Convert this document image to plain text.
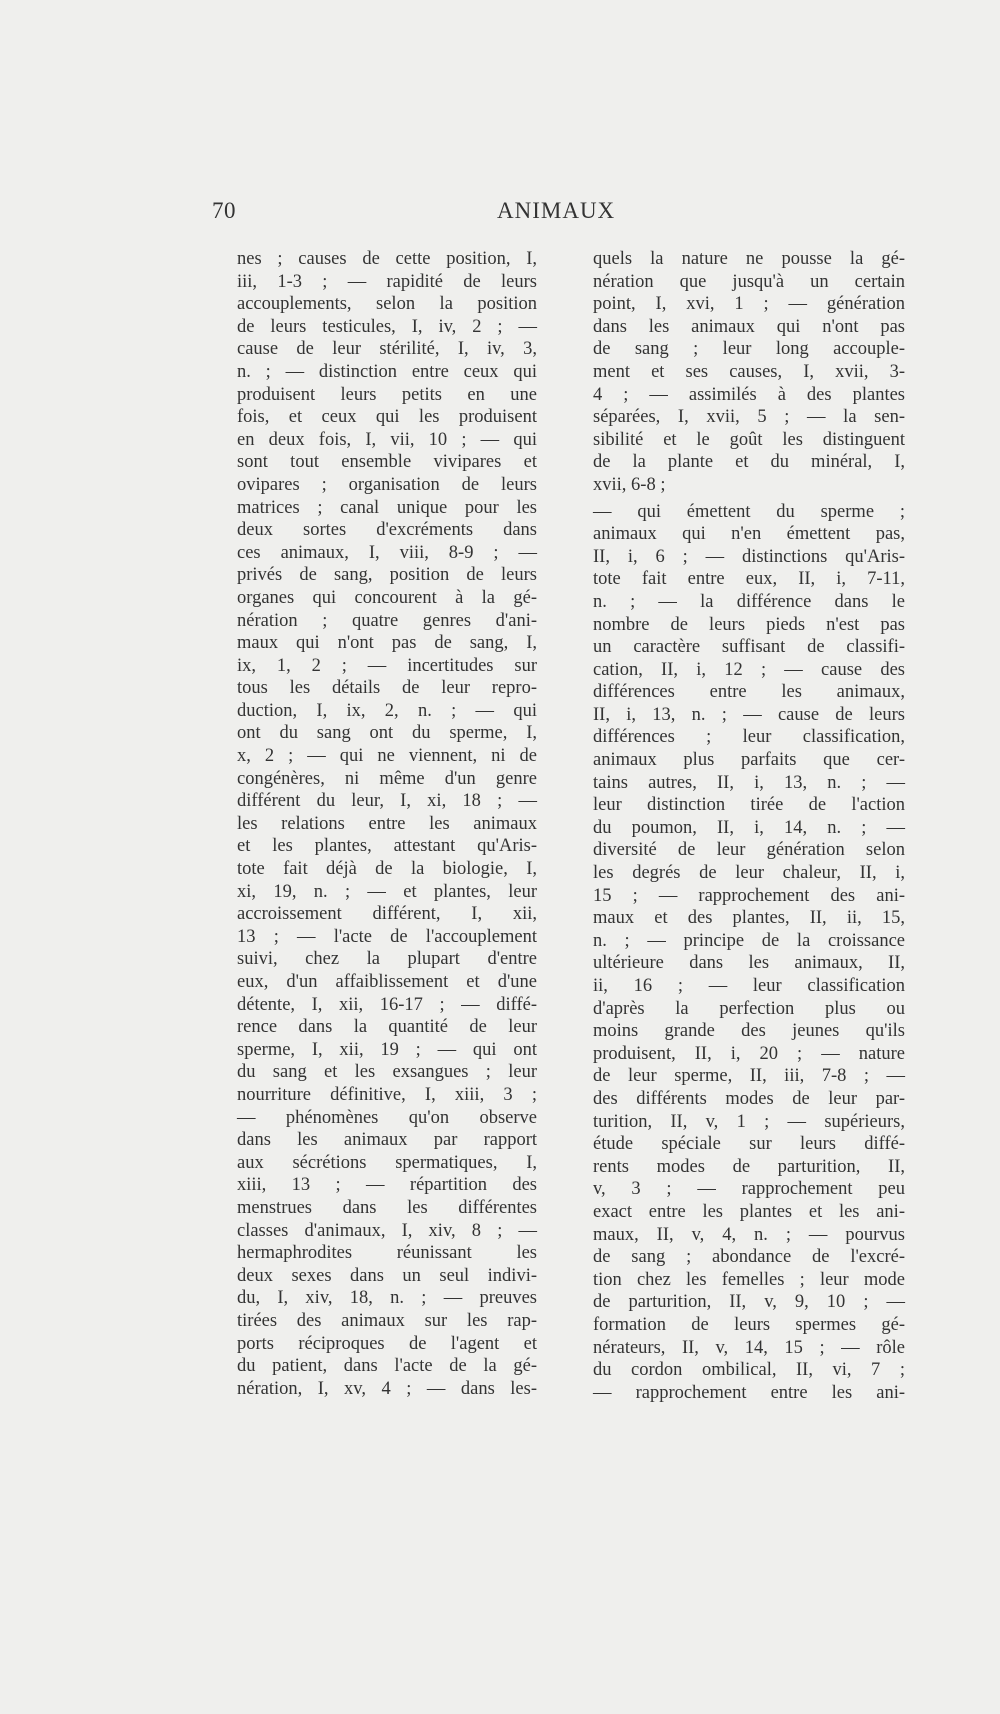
70	ANIMAUX
nes ; causes de cette position, I,
iii, 1-3 ; — rapidité de leurs
accouplements, selon la position
de leurs testicules, I, iv, 2 ; —
cause de leur stérilité, I, iv, 3,
n. ; — distinction entre ceux qui
produisent leurs petits en une
fois, et ceux qui les produisent
en deux fois, I, vii, 10 ; — qui
sont tout ensemble vivipares et
ovipares ; organisation de leurs
matrices ; canal unique pour les
deux sortes d'excréments dans
ces animaux, I, viii, 8-9 ; —
privés de sang, position de leurs
organes qui concourent à la gé-
nération ; quatre genres d'ani-
maux qui n'ont pas de sang, I,
ix, 1, 2 ; — incertitudes sur
tous les détails de leur repro-
duction, I, ix, 2, n. ; — qui
ont du sang ont du sperme, I,
x, 2 ; — qui ne viennent, ni de
congénères, ni même d'un genre
différent du leur, I, xi, 18 ; —
les relations entre les animaux
et les plantes, attestant qu'Aris-
tote fait déjà de la biologie, I,
xi, 19, n. ; — et plantes, leur
accroissement différent, I, xii,
13 ; — l'acte de l'accouplement
suivi, chez la plupart d'entre
eux, d'un affaiblissement et d'une
détente, I, xii, 16-17 ; — diffé-
rence dans la quantité de leur
sperme, I, xii, 19 ; — qui ont
du sang et les exsangues ; leur
nourriture définitive, I, xiii, 3 ;
— phénomènes qu'on observe
dans les animaux par rapport
aux sécrétions spermatiques, I,
xiii, 13 ; — répartition des
menstrues dans les différentes
classes d'animaux, I, xiv, 8 ; —
hermaphrodites réunissant les
deux sexes dans un seul indivi-
du, I, xiv, 18, n. ; — preuves
tirées des animaux sur les rap-
ports réciproques de l'agent et
du patient, dans l'acte de la gé-
nération, I, xv, 4 ; — dans les-
quels la nature ne pousse la gé-
nération que jusqu'à un certain
point, I, xvi, 1 ; — génération
dans les animaux qui n'ont pas
de sang ; leur long accouple-
ment et ses causes, I, xvii, 3-
4 ; — assimilés à des plantes
séparées, I, xvii, 5 ; — la sen-
sibilité et le goût les distinguent
de la plante et du minéral, I,
xvii, 6-8 ;
— qui émettent du sperme ;
animaux qui n'en émettent pas,
II, i, 6 ; — distinctions qu'Aris-
tote fait entre eux, II, i, 7-11,
n. ; — la différence dans le
nombre de leurs pieds n'est pas
un caractère suffisant de classifi-
cation, II, i, 12 ; — cause des
différences entre les animaux,
II, i, 13, n. ; — cause de leurs
différences ; leur classification,
animaux plus parfaits que cer-
tains autres, II, i, 13, n. ; —
leur distinction tirée de l'action
du poumon, II, i, 14, n. ; —
diversité de leur génération selon
les degrés de leur chaleur, II, i,
15 ; — rapprochement des ani-
maux et des plantes, II, ii, 15,
n. ; — principe de la croissance
ultérieure dans les animaux, II,
ii, 16 ; — leur classification
d'après la perfection plus ou
moins grande des jeunes qu'ils
produisent, II, i, 20 ; — nature
de leur sperme, II, iii, 7-8 ; —
des différents modes de leur par-
turition, II, v, 1 ; — supérieurs,
étude spéciale sur leurs diffé-
rents modes de parturition, II,
v, 3 ; — rapprochement peu
exact entre les plantes et les ani-
maux, II, v, 4, n. ; — pourvus
de sang ; abondance de l'excré-
tion chez les femelles ; leur mode
de parturition, II, v, 9, 10 ; —
formation de leurs spermes gé-
nérateurs, II, v, 14, 15 ; — rôle
du cordon ombilical, II, vi, 7 ;
— rapprochement entre les ani-
